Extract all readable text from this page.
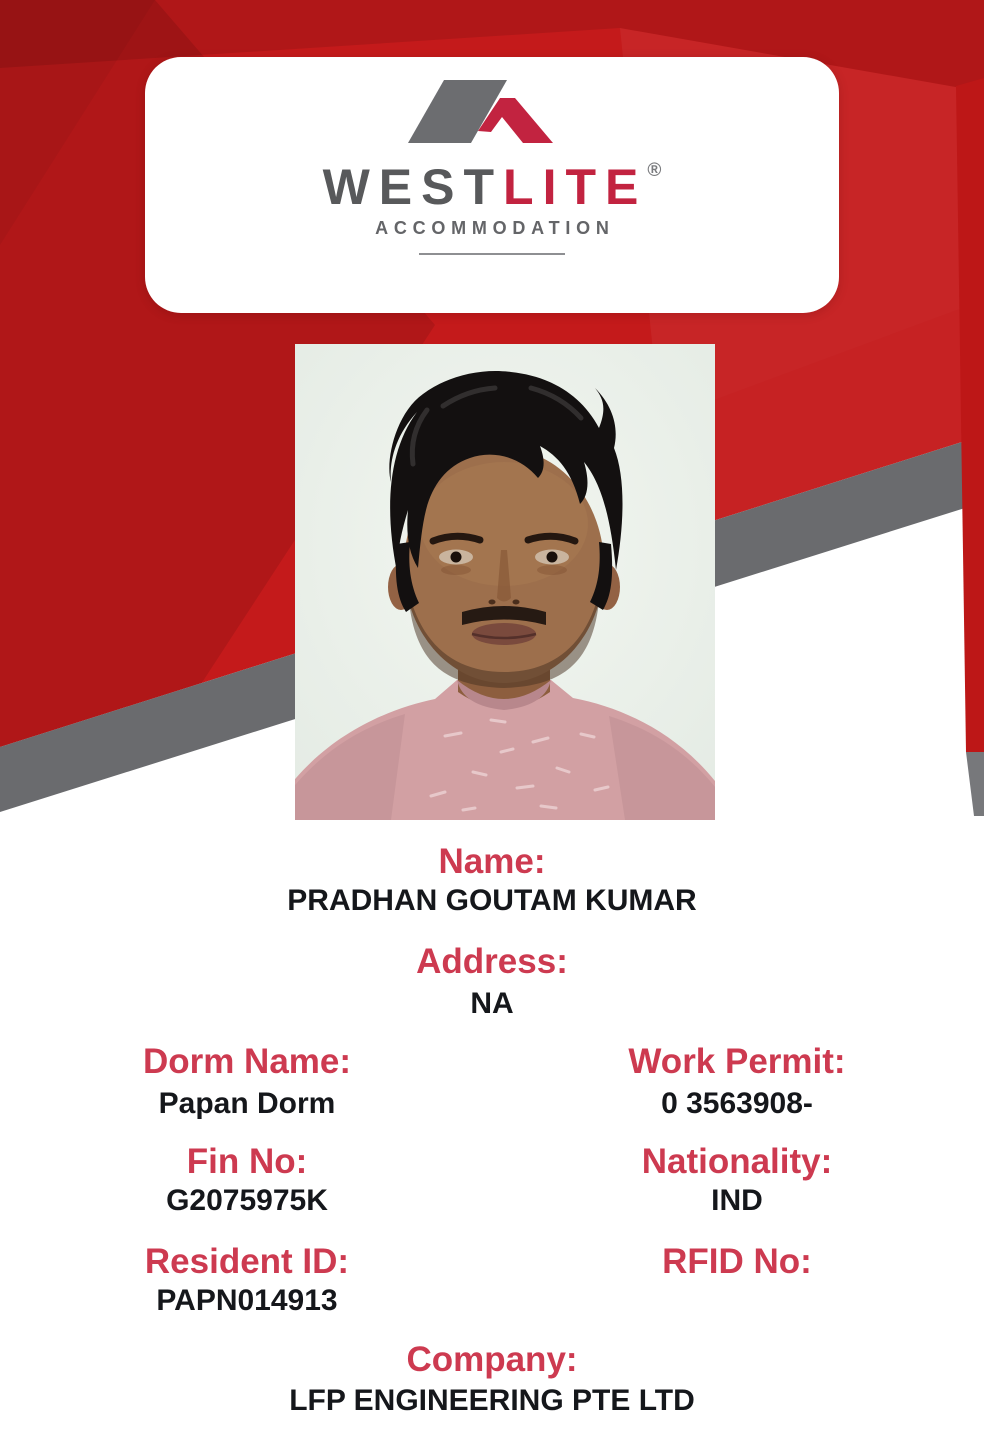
WESTLITE®
ACCOMMODATION
Name:
PRADHAN GOUTAM KUMAR
Address:
NA
Dorm Name:
Papan Dorm
Fin No:
G2075975K
Resident ID:
PAPN014913
Work Permit:
0 3563908-
Nationality:
IND
RFID No:
Company:
LFP ENGINEERING PTE LTD
